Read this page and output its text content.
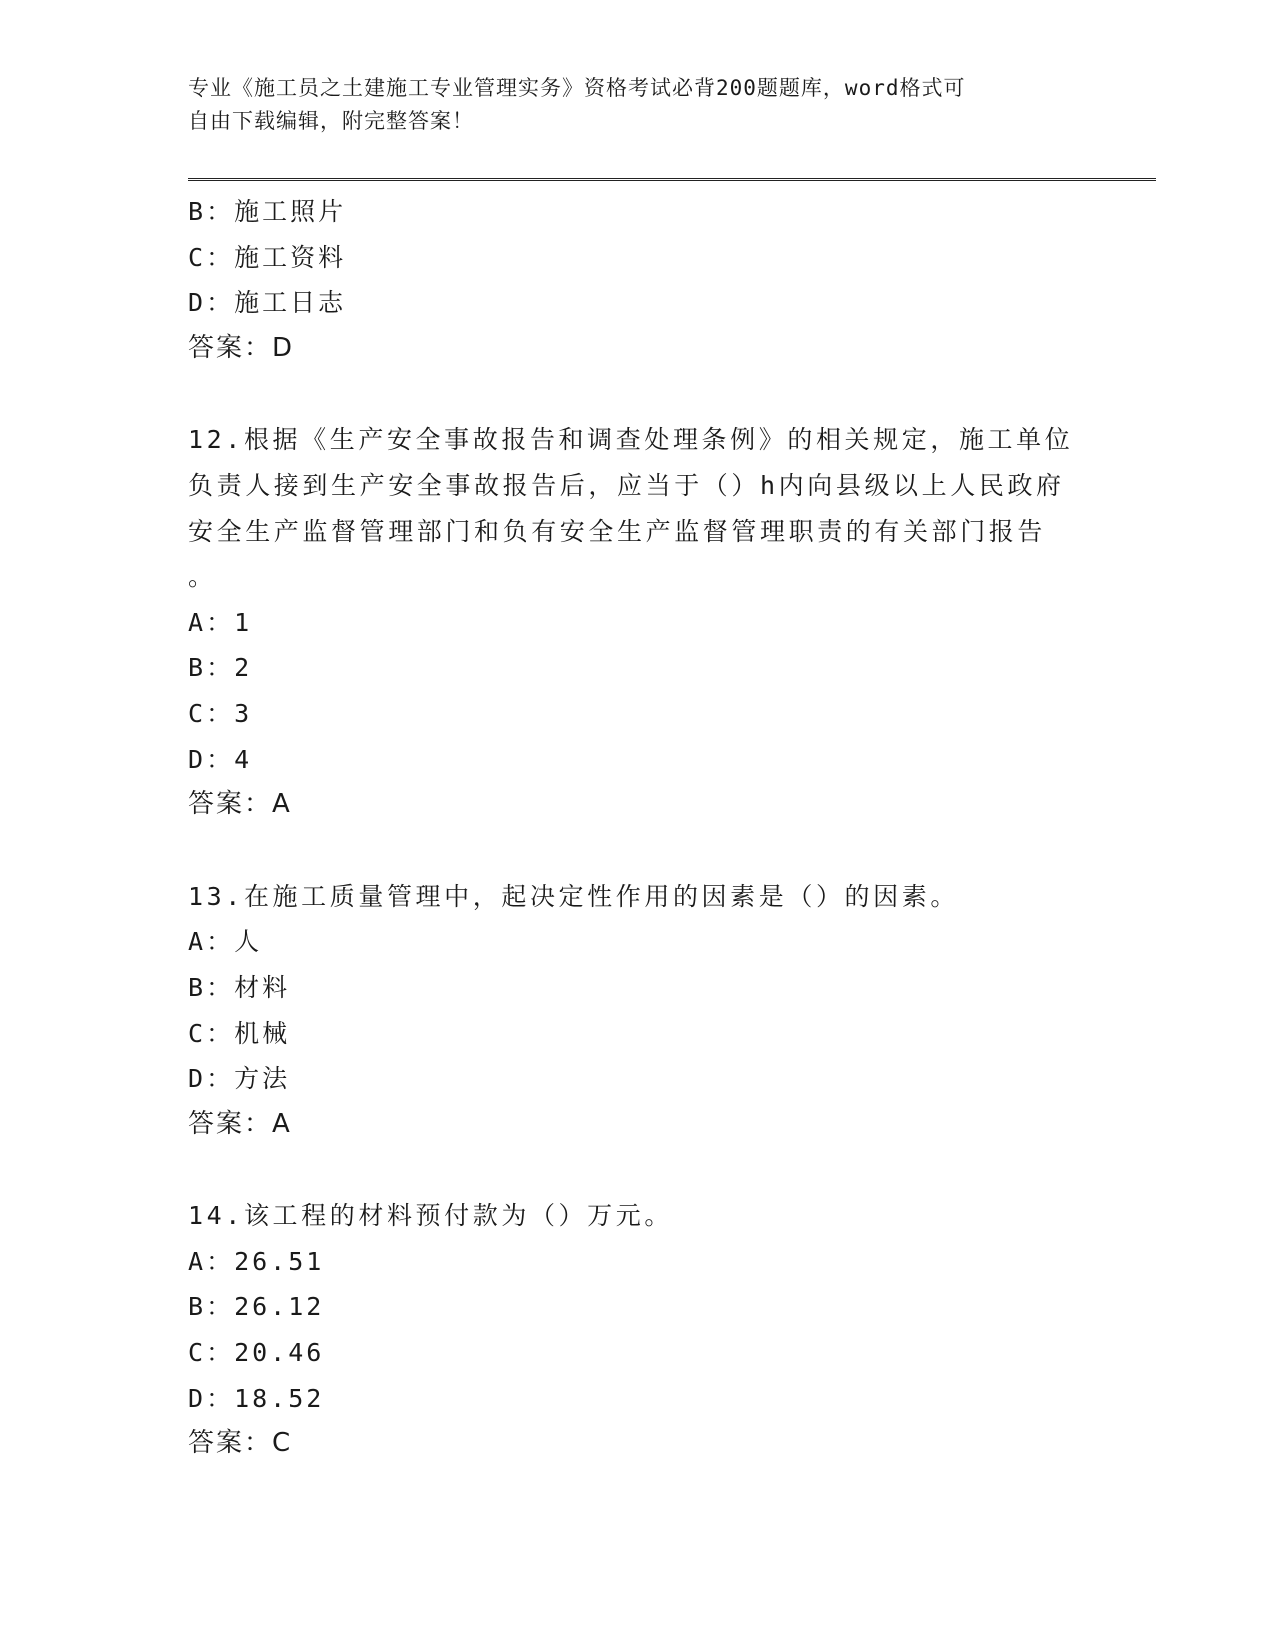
专业《施工员之土建施工专业管理实务》资格考试必背200题题库，word格式可
自由下载编辑，附完整答案！
B：施工照片
C：施工资料
D：施工日志
答案：D
12.根据《生产安全事故报告和调查处理条例》的相关规定，施工单位
负责人接到生产安全事故报告后，应当于（）h内向县级以上人民政府
安全生产监督管理部门和负有安全生产监督管理职责的有关部门报告
。
A：1
B：2
C：3
D：4
答案：A
13.在施工质量管理中，起决定性作用的因素是（）的因素。
A：人
B：材料
C：机械
D：方法
答案：A
14.该工程的材料预付款为（）万元。
A：26.51
B：26.12
C：20.46
D：18.52
答案：C
